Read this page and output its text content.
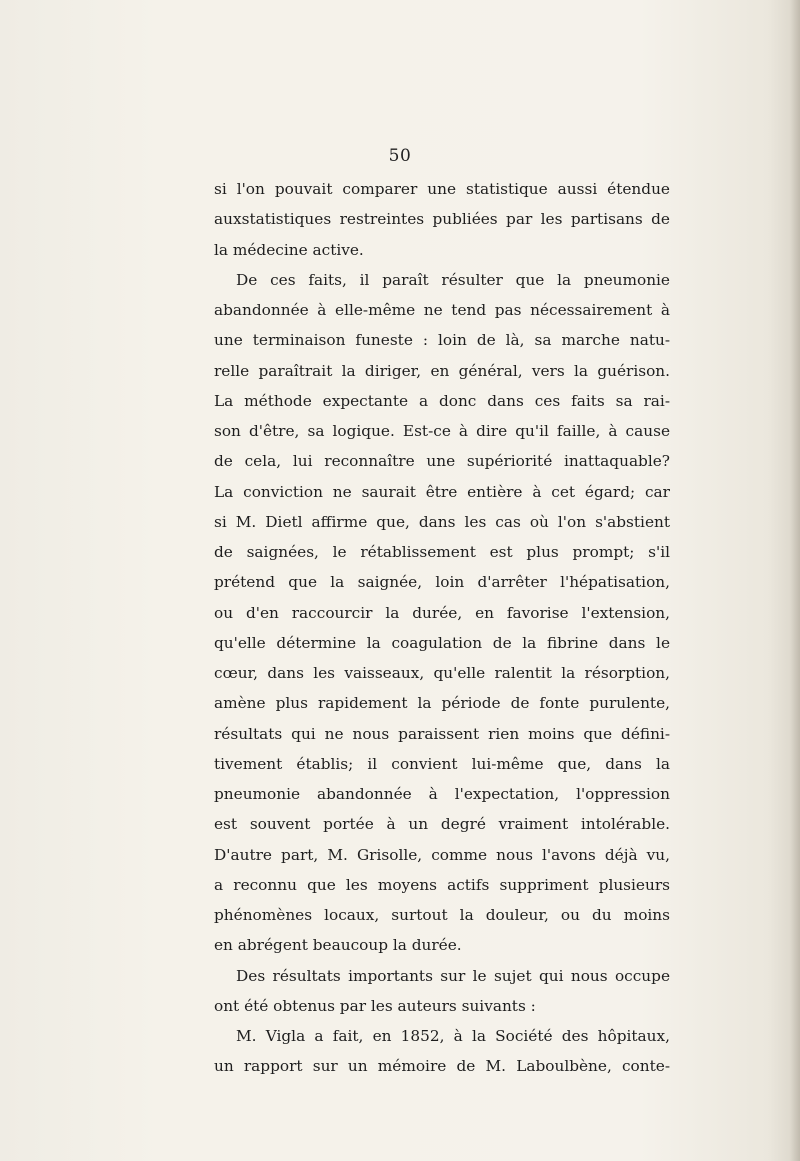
50
si l'on pouvait comparer une statistique aussi étendue
auxstatistiques restreintes publiées par les partisans de
la médecine active.
De ces faits, il paraît résulter que la pneumonie
abandonnée à elle-même ne tend pas nécessairement à
une terminaison funeste : loin de là, sa marche natu-
relle paraîtrait la diriger, en général, vers la guérison.
La méthode expectante a donc dans ces faits sa rai-
son d'être, sa logique. Est-ce à dire qu'il faille, à cause
de cela, lui reconnaître une supériorité inattaquable?
La conviction ne saurait être entière à cet égard; car
si M. Dietl affirme que, dans les cas où l'on s'abstient
de saignées, le rétablissement est plus prompt; s'il
prétend que la saignée, loin d'arrêter l'hépatisation,
ou d'en raccourcir la durée, en favorise l'extension,
qu'elle détermine la coagulation de la fibrine dans le
cœur, dans les vaisseaux, qu'elle ralentit la résorption,
amène plus rapidement la période de fonte purulente,
résultats qui ne nous paraissent rien moins que défini-
tivement établis; il convient lui-même que, dans la
pneumonie abandonnée à l'expectation, l'oppression
est souvent portée à un degré vraiment intolérable.
D'autre part, M. Grisolle, comme nous l'avons déjà vu,
a reconnu que les moyens actifs suppriment plusieurs
phénomènes locaux, surtout la douleur, ou du moins
en abrégent beaucoup la durée.
Des résultats importants sur le sujet qui nous occupe
ont été obtenus par les auteurs suivants :
M. Vigla a fait, en 1852, à la Société des hôpitaux,
un rapport sur un mémoire de M. Laboulbène, conte-
